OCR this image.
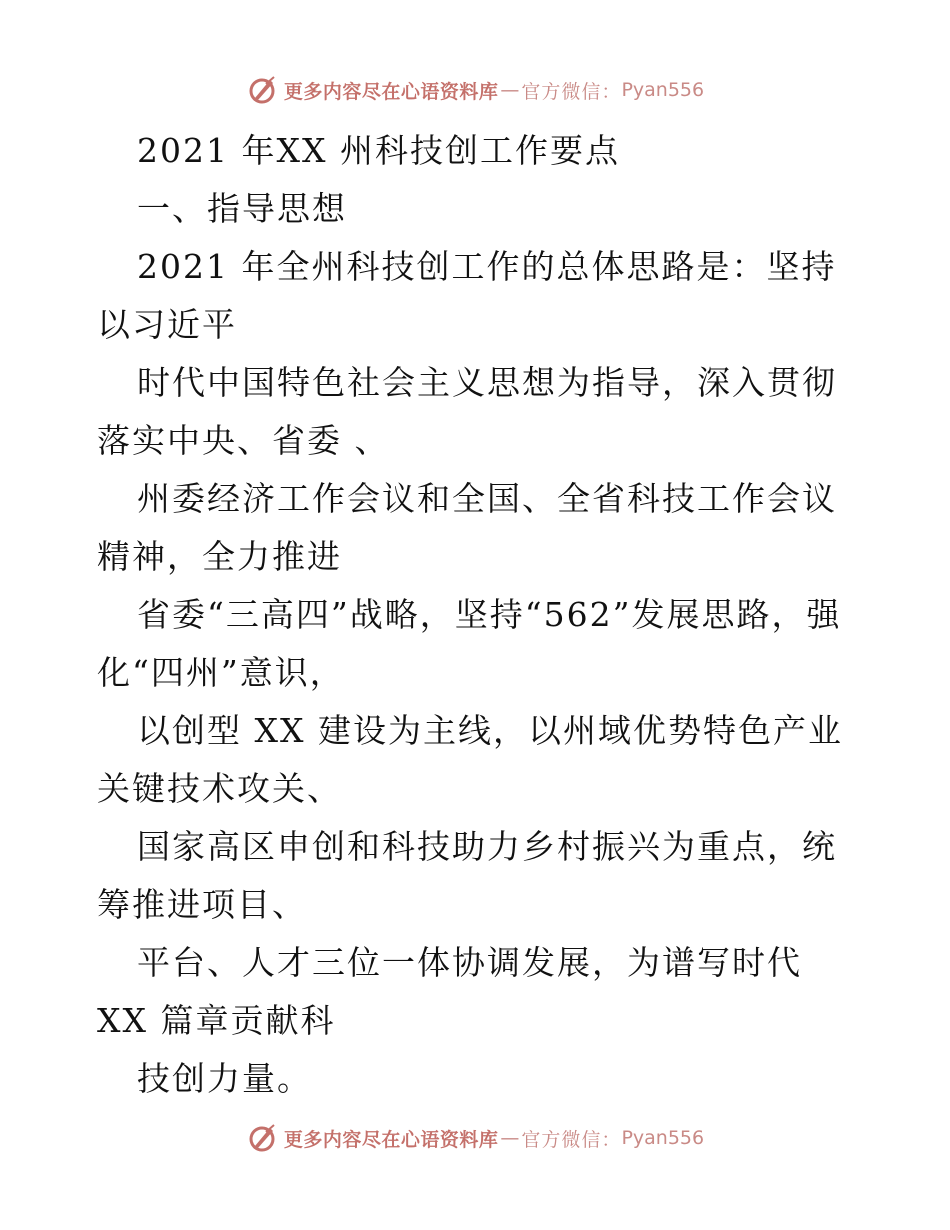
更多内容尽在心语资料库 — 官方微信： Pyan556

2021 年XX 州科技创工作要点

一、指导思想

2021 年全州科技创工作的总体思路是：坚持以习近平

时代中国特色社会主义思想为指导，深入贯彻落实中央、省委 、

州委经济工作会议和全国、全省科技工作会议精神，全力推进

省委“三高四”战略，坚持“562”发展思路，强化“四州”意识，

以创型 XX 建设为主线，以州域优势特色产业关键技术攻关、

国家高区申创和科技助力乡村振兴为重点，统筹推进项目、

平台、人才三位一体协调发展，为谱写时代 XX 篇章贡献科

技创力量。

更多内容尽在心语资料库 — 官方微信： Pyan556
